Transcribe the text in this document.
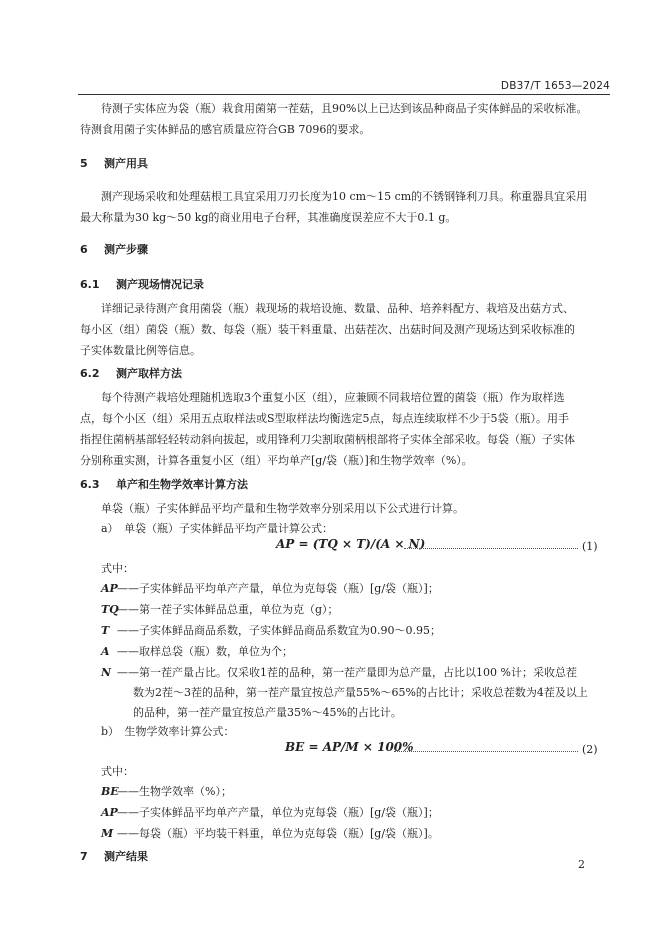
DB37/T 1653—2024
待测子实体应为袋（瓶）栽食用菌第一茬菇，且90%以上已达到该品种商品子实体鲜品的采收标准。
待测食用菌子实体鲜品的感官质量应符合GB 7096的要求。
5 测产用具
测产现场采收和处理菇根工具宜采用刀刃长度为10 cm～15 cm的不锈钢锋利刀具。称重器具宜采用
最大称量为30 kg～50 kg的商业用电子台秤，其准确度误差应不大于0.1 g。
6 测产步骤
6.1 测产现场情况记录
详细记录待测产食用菌袋（瓶）栽现场的栽培设施、数量、品种、培养料配方、栽培及出菇方式、
每小区（组）菌袋（瓶）数、每袋（瓶）装干料重量、出菇茬次、出菇时间及测产现场达到采收标准的
子实体数量比例等信息。
6.2 测产取样方法
每个待测产栽培处理随机选取3个重复小区（组），应兼顾不同栽培位置的菌袋（瓶）作为取样选
点，每个小区（组）采用五点取样法或S型取样法均衡选定5点，每点连续取样不少于5袋（瓶）。用手
指捏住菌柄基部轻轻转动斜向拔起，或用锋利刀尖割取菌柄根部将子实体全部采收。每袋（瓶）子实体
分别称重实测，计算各重复小区（组）平均单产[g/袋（瓶）]和生物学效率（%）。
6.3 单产和生物学效率计算方法
单袋（瓶）子实体鲜品平均产量和生物学效率分别采用以下公式进行计算。
a）　单袋（瓶）子实体鲜品平均产量计算公式：
AP = (TQ × T)/(A × N)	(1)
式中：
AP——子实体鲜品平均单产产量，单位为克每袋（瓶）[g/袋（瓶）]；
TQ——第一茬子实体鲜品总重，单位为克（g）；
T ——子实体鲜品商品系数，子实体鲜品商品系数宜为0.90～0.95；
A ——取样总袋（瓶）数，单位为个；
N ——第一茬产量占比。仅采收1茬的品种，第一茬产量即为总产量，占比以100 %计；采收总茬
数为2茬～3茬的品种，第一茬产量宜按总产量55%～65%的占比计；采收总茬数为4茬及以上
的品种，第一茬产量宜按总产量35%～45%的占比计。
b）　生物学效率计算公式：
BE = AP/M × 100%	(2)
式中：
BE——生物学效率（%）；
AP——子实体鲜品平均单产产量，单位为克每袋（瓶）[g/袋（瓶）]；
M ——每袋（瓶）平均装干料重，单位为克每袋（瓶）[g/袋（瓶）]。
7 测产结果
2
